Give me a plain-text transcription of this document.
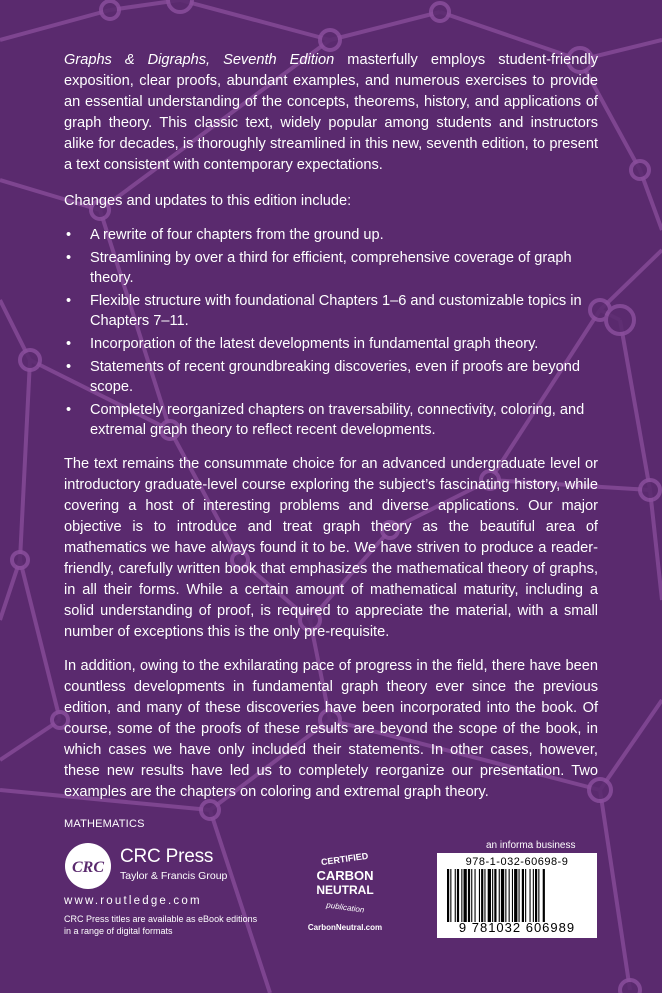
Graphs & Digraphs, Seventh Edition masterfully employs student-friendly exposition, clear proofs, abundant examples, and numerous exercises to provide an essential understanding of the concepts, theorems, history, and applications of graph theory. This classic text, widely popular among students and instructors alike for decades, is thoroughly streamlined in this new, seventh edition, to present a text consistent with contemporary expectations.

Changes and updates to this edition include:

• A rewrite of four chapters from the ground up.
• Streamlining by over a third for efficient, comprehensive coverage of graph theory.
• Flexible structure with foundational Chapters 1–6 and customizable topics in Chapters 7–11.
• Incorporation of the latest developments in fundamental graph theory.
• Statements of recent groundbreaking discoveries, even if proofs are beyond scope.
• Completely reorganized chapters on traversability, connectivity, coloring, and extremal graph theory to reflect recent developments.

The text remains the consummate choice for an advanced undergraduate level or introductory graduate-level course exploring the subject’s fascinating history, while covering a host of interesting problems and diverse applications. Our major objective is to introduce and treat graph theory as the beautiful area of mathematics we have always found it to be. We have striven to produce a reader-friendly, carefully written book that emphasizes the mathematical theory of graphs, in all their forms. While a certain amount of mathematical maturity, including a solid understanding of proof, is required to appreciate the material, with a small number of exceptions this is the only pre-requisite.

In addition, owing to the exhilarating pace of progress in the field, there have been countless developments in fundamental graph theory ever since the previous edition, and many of these discoveries have been incorporated into the book. Of course, some of the proofs of these results are beyond the scope of the book, in which cases we have only included their statements. In other cases, however, these new results have led us to completely reorganize our presentation. Two examples are the chapters on coloring and extremal graph theory.

MATHEMATICS
CRC
CRC Press
Taylor & Francis Group
www.routledge.com
CRC Press titles are available as eBook editions in a range of digital formats
CERTIFIED
CARBON
NEUTRAL
publication
CarbonNeutral.com
an informa business
978-1-032-60698-9
9 781032 606989
